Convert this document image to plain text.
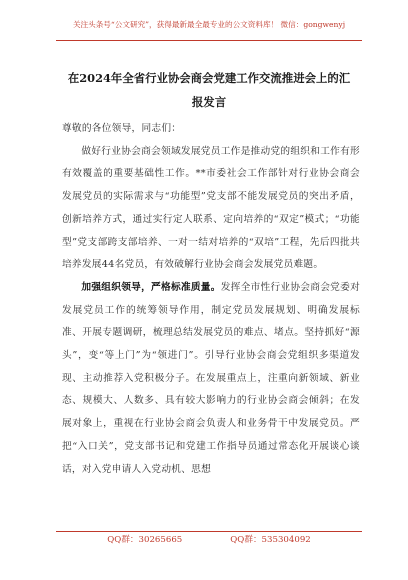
关注头条号“公文研究”，获得最新最全最专业的公文资料库！ 微信：gongwenyj
在2024年全省行业协会商会党建工作交流推进会上的汇报发言

尊敬的各位领导，同志们：

做好行业协会商会领域发展党员工作是推动党的组织和工作有形有效覆盖的重要基础性工作。**市委社会工作部针对行业协会商会发展党员的实际需求与“功能型”党支部不能发展党员的突出矛盾，创新培养方式，通过实行定人联系、定向培养的“双定”模式；“功能型”党支部跨支部培养、一对一结对培养的“双培”工程，先后四批共培养发展44名党员，有效破解行业协会商会发展党员难题。

加强组织领导，严格标准质量。发挥全市性行业协会商会党委对发展党员工作的统筹领导作用，制定党员发展规划、明确发展标准、开展专题调研，梳理总结发展党员的难点、堵点。坚持抓好“源头”，变“等上门”为“领进门”。引导行业协会商会党组织多渠道发现、主动推荐入党积极分子。在发展重点上，注重向新领域、新业态、规模大、人数多、具有较大影响力的行业协会商会倾斜；在发展对象上，重视在行业协会商会负责人和业务骨干中发展党员。严把“入口关”，党支部书记和党建工作指导员通过常态化开展谈心谈话，对入党申请人入党动机、思想

QQ群：30265665	QQ群：535304092
